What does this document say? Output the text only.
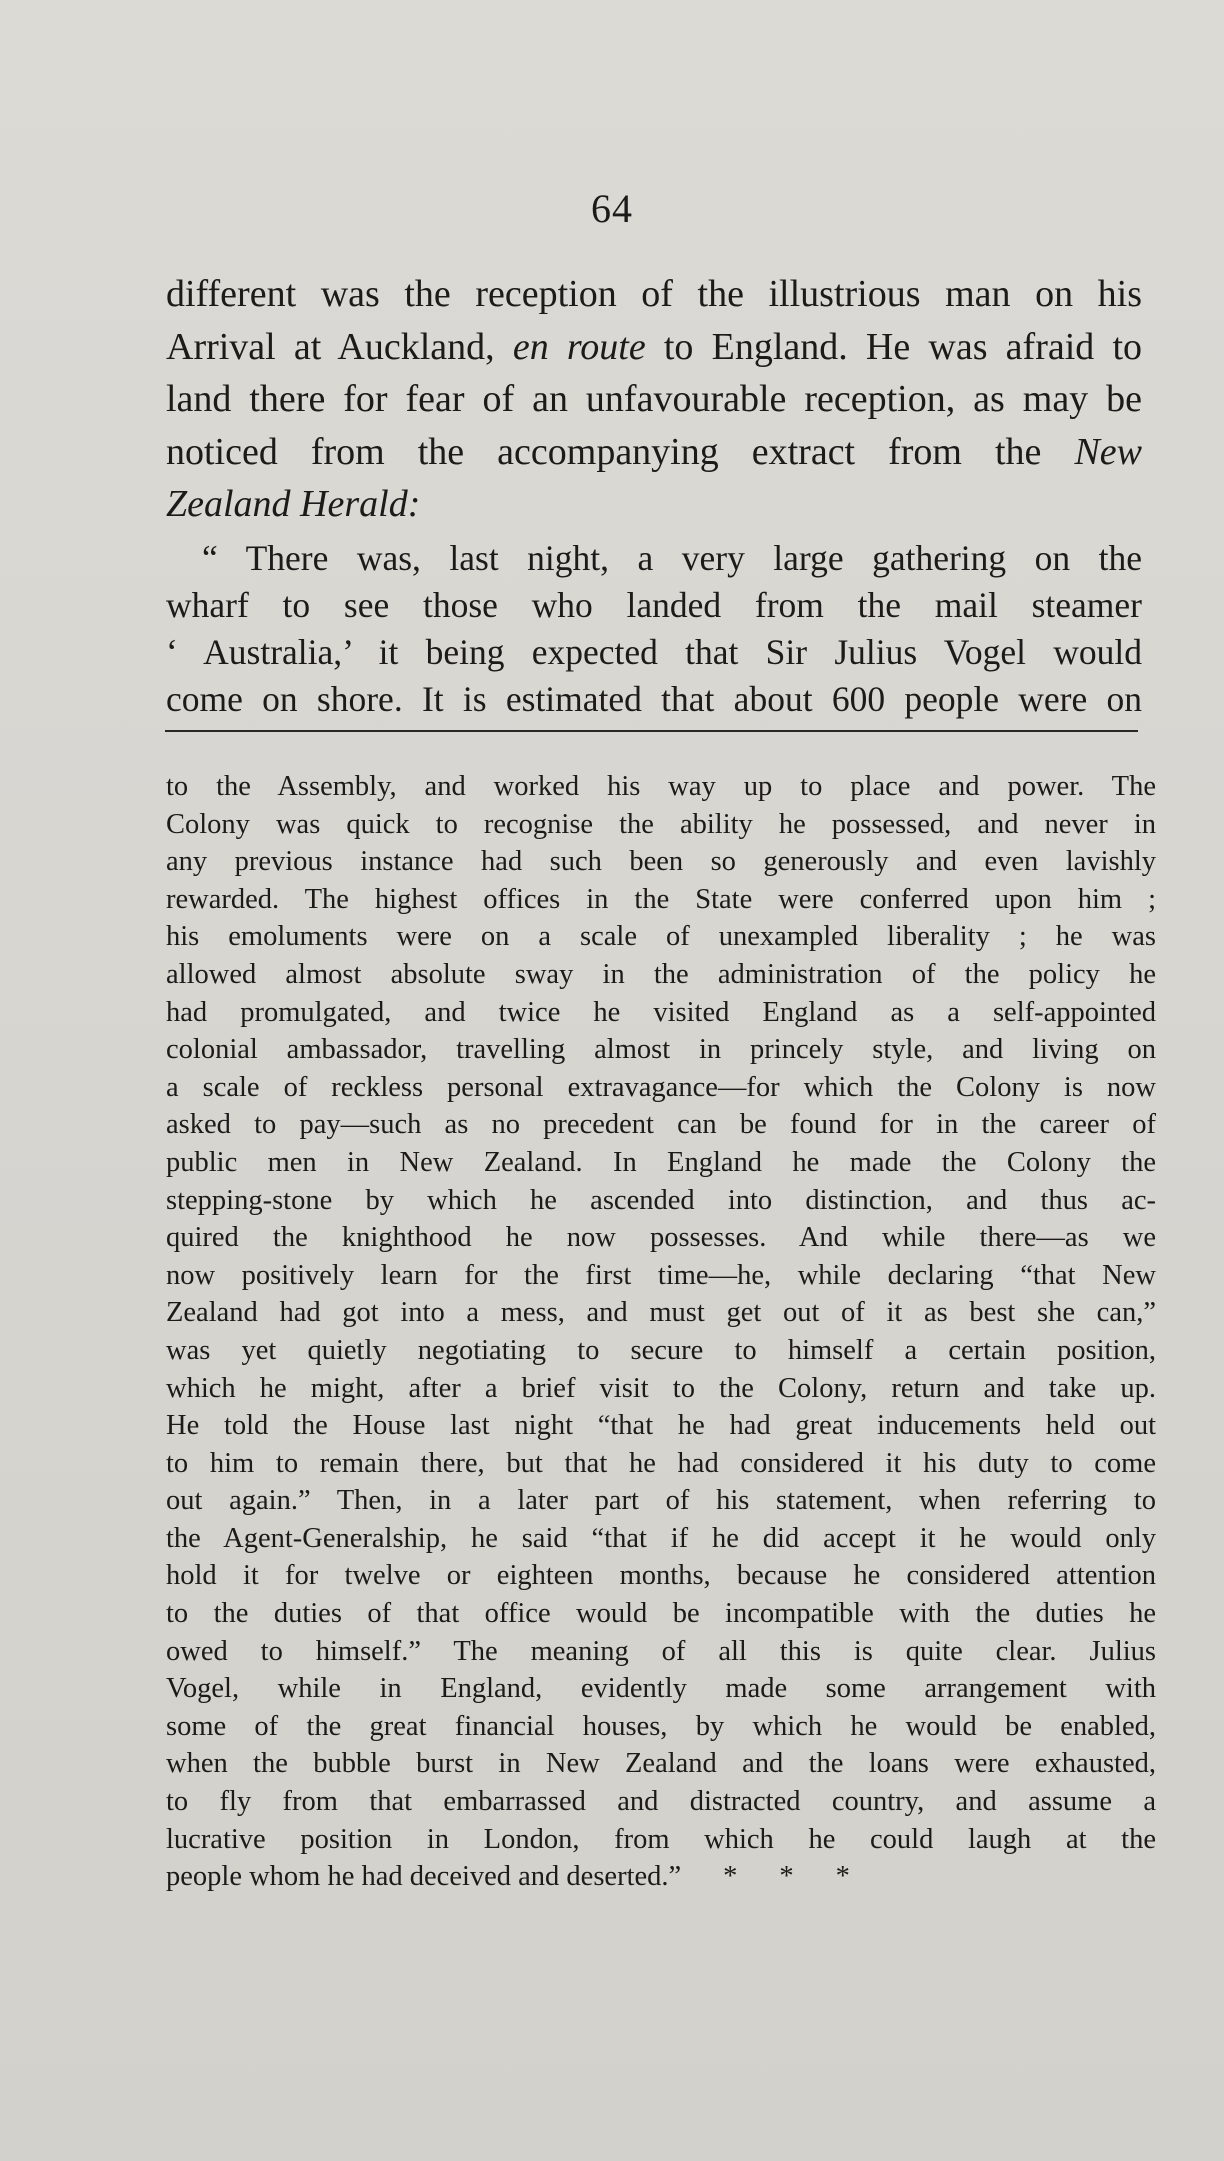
64

different was the reception of the illustrious man on his
Arrival at Auckland, en route to England. He was afraid to
land there for fear of an unfavourable reception, as may be
noticed from the accompanying extract from the New
Zealand Herald:

“ There was, last night, a very large gathering on the
wharf to see those who landed from the mail steamer
‘ Australia,’ it being expected that Sir Julius Vogel would
come on shore. It is estimated that about 600 people were on

to the Assembly, and worked his way up to place and power. The
Colony was quick to recognise the ability he possessed, and never in
any previous instance had such been so generously and even lavishly
rewarded. The highest offices in the State were conferred upon him ;
his emoluments were on a scale of unexampled liberality ; he was
allowed almost absolute sway in the administration of the policy he
had promulgated, and twice he visited England as a self-appointed
colonial ambassador, travelling almost in princely style, and living on
a scale of reckless personal extravagance—for which the Colony is now
asked to pay—such as no precedent can be found for in the career of
public men in New Zealand. In England he made the Colony the
stepping-stone by which he ascended into distinction, and thus ac-
quired the knighthood he now possesses. And while there—as we
now positively learn for the first time—he, while declaring “that New
Zealand had got into a mess, and must get out of it as best she can,”
was yet quietly negotiating to secure to himself a certain position,
which he might, after a brief visit to the Colony, return and take up.
He told the House last night “that he had great inducements held out
to him to remain there, but that he had considered it his duty to come
out again.” Then, in a later part of his statement, when referring to
the Agent-Generalship, he said “that if he did accept it he would only
hold it for twelve or eighteen months, because he considered attention
to the duties of that office would be incompatible with the duties he
owed to himself.” The meaning of all this is quite clear. Julius
Vogel, while in England, evidently made some arrangement with
some of the great financial houses, by which he would be enabled,
when the bubble burst in New Zealand and the loans were exhausted,
to fly from that embarrassed and distracted country, and assume a
lucrative position in London, from which he could laugh at the
people whom he had deceived and deserted.” * * *
